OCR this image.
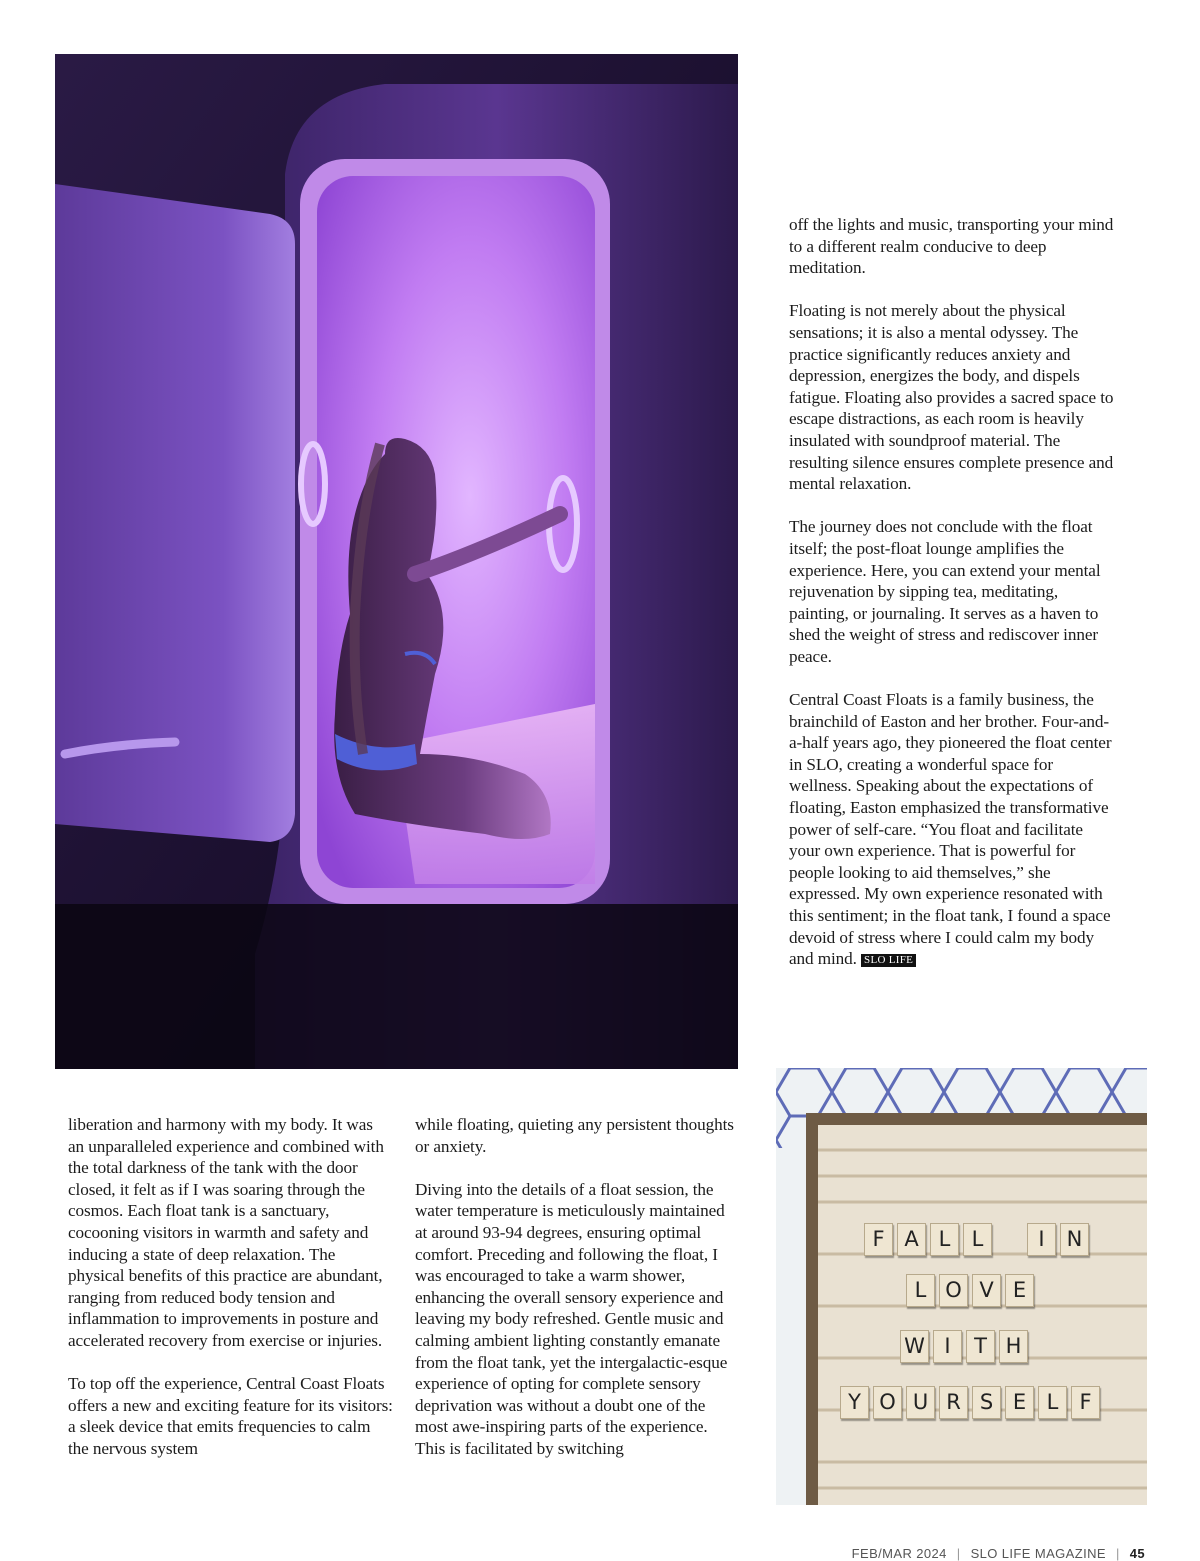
off the lights and music, transporting your mind to a different realm conducive to deep meditation.

Floating is not merely about the physical sensations; it is also a mental odyssey. The practice significantly reduces anxiety and depression, energizes the body, and dispels fatigue. Floating also provides a sacred space to escape distractions, as each room is heavily insulated with soundproof material. The resulting silence ensures complete presence and mental relaxation.

The journey does not conclude with the float itself; the post-float lounge amplifies the experience. Here, you can extend your mental rejuvenation by sipping tea, meditating, painting, or journaling. It serves as a haven to shed the weight of stress and rediscover inner peace.

Central Coast Floats is a family business, the brainchild of Easton and her brother. Four-and-a-half years ago, they pioneered the float center in SLO, creating a wonderful space for wellness. Speaking about the expectations of floating, Easton emphasized the transformative power of self-care. “You float and facilitate your own experience. That is powerful for people looking to aid themselves,” she expressed. My own experience resonated with this sentiment; in the float tank, I found a space devoid of stress where I could calm my body and mind. SLO LIFE

liberation and harmony with my body. It was an unparalleled experience and combined with the total darkness of the tank with the door closed, it felt as if I was soaring through the cosmos. Each float tank is a sanctuary, cocooning visitors in warmth and safety and inducing a state of deep relaxation. The physical benefits of this practice are abundant, ranging from reduced body tension and inflammation to improvements in posture and accelerated recovery from exercise or injuries.

To top off the experience, Central Coast Floats offers a new and exciting feature for its visitors: a sleek device that emits frequencies to calm the nervous system

while floating, quieting any persistent thoughts or anxiety.

Diving into the details of a float session, the water temperature is meticulously maintained at around 93-94 degrees, ensuring optimal comfort. Preceding and following the float, I was encouraged to take a warm shower, enhancing the overall sensory experience and leaving my body refreshed. Gentle music and calming ambient lighting constantly emanate from the float tank, yet the intergalactic-esque experience of opting for complete sensory deprivation was without a doubt one of the most awe-inspiring parts of the experience. This is facilitated by switching

F A L	L	I	N
L O V E
W I	T H
Y O U R S E L	F
FEB/MAR 2024 | SLO LIFE MAGAZINE | 45
